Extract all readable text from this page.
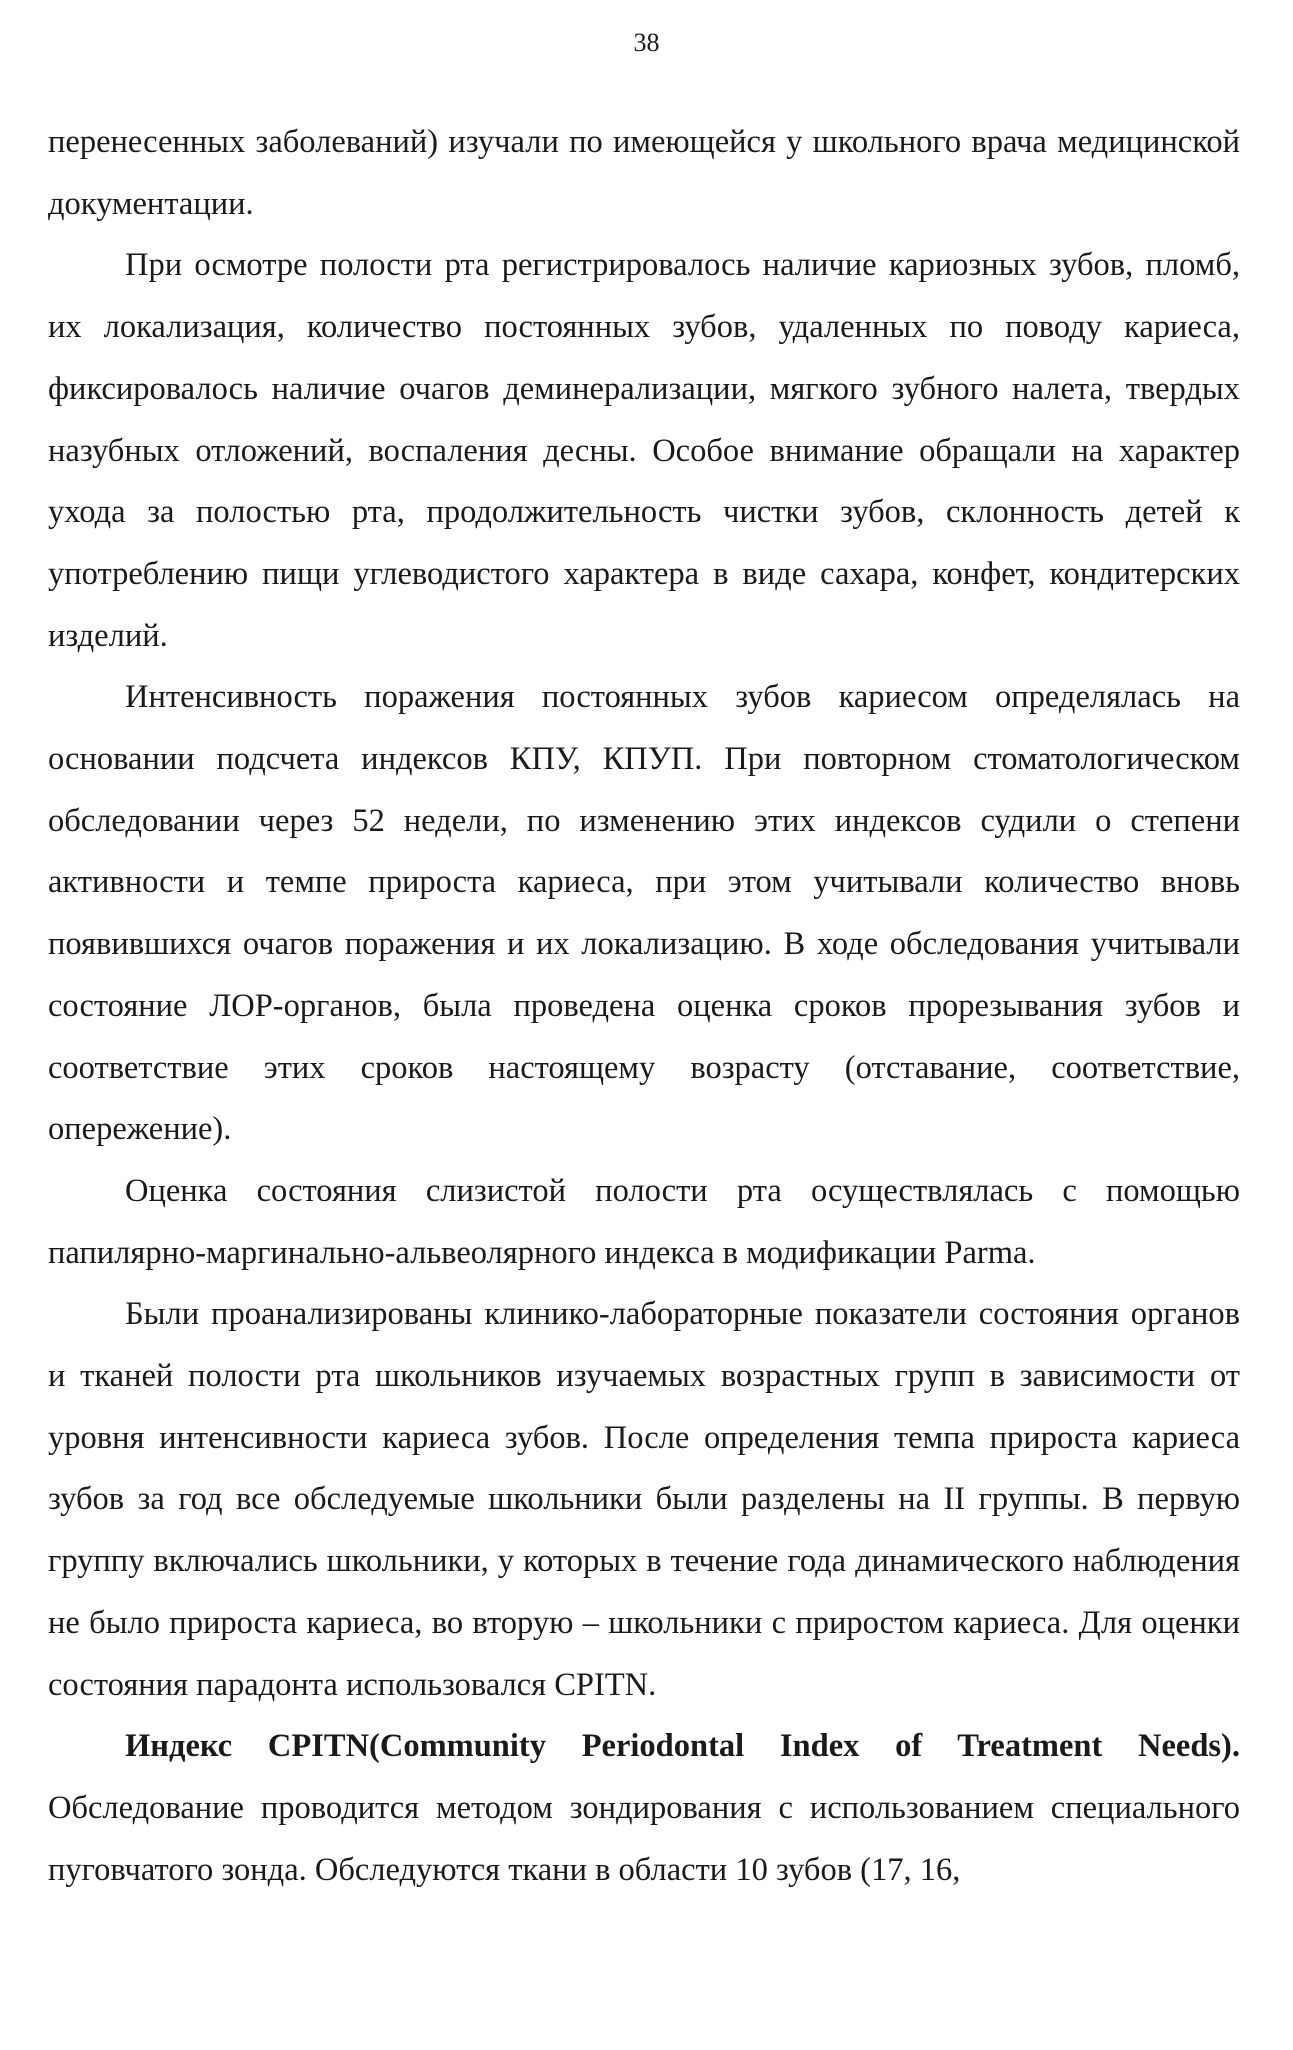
38

перенесенных заболеваний) изучали по имеющейся у школьного врача медицинской документации.

При осмотре полости рта регистрировалось наличие кариозных зубов, пломб, их локализация, количество постоянных зубов, удаленных по поводу кариеса, фиксировалось наличие очагов деминерализации, мягкого зубного налета, твердых назубных отложений, воспаления десны. Особое внимание обращали на характер ухода за полостью рта, продолжительность чистки зубов, склонность детей к употреблению пищи углеводистого характера в виде сахара, конфет, кондитерских изделий.

Интенсивность поражения постоянных зубов кариесом определялась на основании подсчета индексов КПУ, КПУП. При повторном стоматологическом обследовании через 52 недели, по изменению этих индексов судили о степени активности и темпе прироста кариеса, при этом учитывали количество вновь появившихся очагов поражения и их локализацию. В ходе обследования учитывали состояние ЛОР-органов, была проведена оценка сроков прорезывания зубов и соответствие этих сроков настоящему возрасту (отставание, соответствие, опережение).

Оценка состояния слизистой полости рта осуществлялась с помощью папилярно-маргинально-альвеолярного индекса в модификации Parma.

Были проанализированы клинико-лабораторные показатели состояния органов и тканей полости рта школьников изучаемых возрастных групп в зависимости от уровня интенсивности кариеса зубов. После определения темпа прироста кариеса зубов за год все обследуемые школьники были разделены на II группы. В первую группу включались школьники, у которых в течение года динамического наблюдения не было прироста кариеса, во вторую – школьники с приростом кариеса. Для оценки состояния парадонта использовался CPITN.

Индекс CPITN(Community Periodontal Index of Treatment Needs). Обследование проводится методом зондирования с использованием специального пуговчатого зонда. Обследуются ткани в области 10 зубов (17, 16,
